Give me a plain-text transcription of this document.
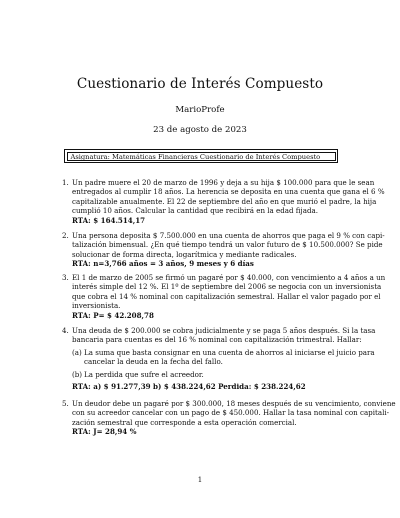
Cuestionario de Interés Compuesto
MarioProfe
23 de agosto de 2023
Asignatura: Matemáticas Financieras Cuestionario de Interés Compuesto
1. Un padre muere el 20 de marzo de 1996 y deja a su hija $ 100.000 para que le sean
entregados al cumplir 18 años. La herencia se deposita en una cuenta que gana el 6 %
capitalizable anualmente. El 22 de septiembre del año en que murió el padre, la hija
cumplió 10 años. Calcular la cantidad que recibirá en la edad fijada.
RTA: $ 164.514,17
2. Una persona deposita $ 7.500.000 en una cuenta de ahorros que paga el 9 % con capi-
talización bimensual. ¿En qué tiempo tendrá un valor futuro de $ 10.500.000? Se pide
solucionar de forma directa, logarítmica y mediante radicales.
RTA: n=3,766 años = 3 años, 9 meses y 6 días
3. El 1 de marzo de 2005 se firmó un pagaré por $ 40.000, con vencimiento a 4 años a un
interés simple del 12 %. El 1º de septiembre del 2006 se negocia con un inversionista
que cobra el 14 % nominal con capitalización semestral. Hallar el valor pagado por el
inversionista.
RTA: P= $ 42.208,78
4. Una deuda de $ 200.000 se cobra judicialmente y se paga 5 años después. Si la tasa
bancaria para cuentas es del 16 % nominal con capitalización trimestral. Hallar:
(a) La suma que basta consignar en una cuenta de ahorros al iniciarse el juicio para
cancelar la deuda en la fecha del fallo.
(b) La perdida que sufre el acreedor.
RTA: a) $ 91.277,39 b) $ 438.224,62 Perdida: $ 238.224,62
5. Un deudor debe un pagaré por $ 300.000, 18 meses después de su vencimiento, conviene
con su acreedor cancelar con un pago de $ 450.000. Hallar la tasa nominal con capitali-
zación semestral que corresponde a esta operación comercial.
RTA: J= 28,94 %
1
